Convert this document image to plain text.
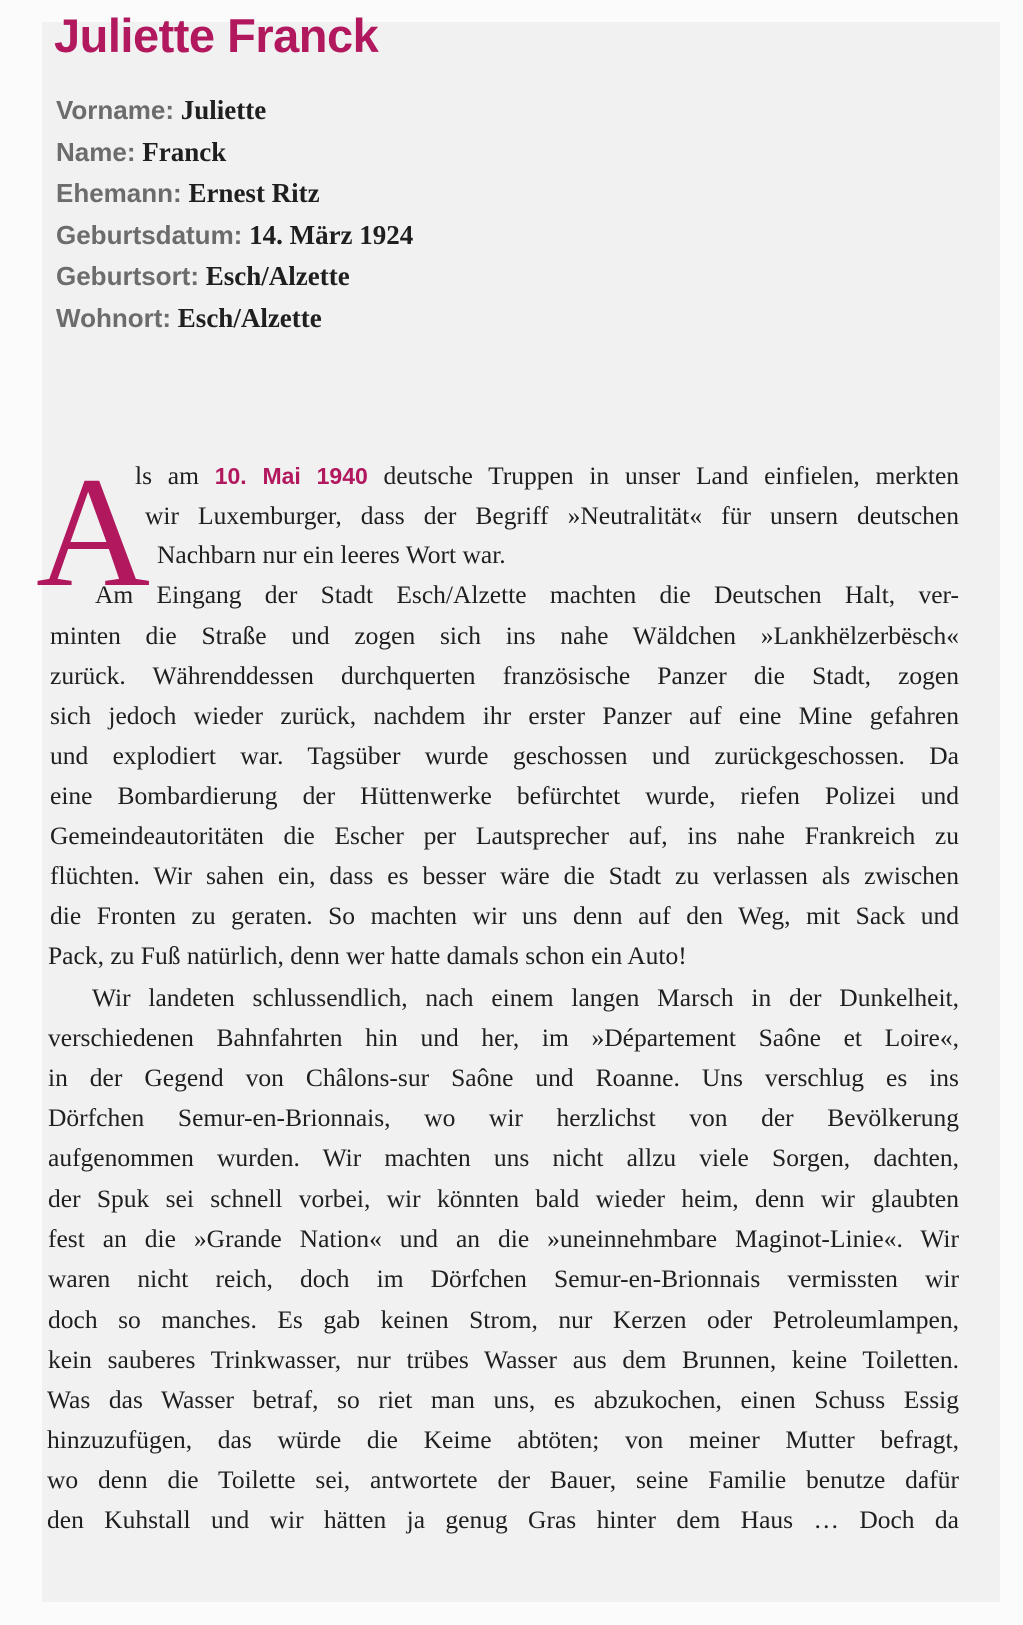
Juliette Franck
Vorname: Juliette
Name: Franck
Ehemann: Ernest Ritz
Geburtsdatum: 14. März 1924
Geburtsort: Esch/Alzette
Wohnort: Esch/Alzette
A
ls am 10. Mai 1940 deutsche Truppen in unser Land einfielen, merkten
wir Luxemburger, dass der Begriff »Neutralität« für unsern deutschen
Nachbarn nur ein leeres Wort war.
Am Eingang der Stadt Esch/Alzette machten die Deutschen Halt, ver-
minten die Straße und zogen sich ins nahe Wäldchen »Lankhëlzerbësch«
zurück. Währenddessen durchquerten französische Panzer die Stadt, zogen
sich jedoch wieder zurück, nachdem ihr erster Panzer auf eine Mine gefahren
und explodiert war. Tagsüber wurde geschossen und zurückgeschossen. Da
eine Bombardierung der Hüttenwerke befürchtet wurde, riefen Polizei und
Gemeindeautoritäten die Escher per Lautsprecher auf, ins nahe Frankreich zu
flüchten. Wir sahen ein, dass es besser wäre die Stadt zu verlassen als zwischen
die Fronten zu geraten. So machten wir uns denn auf den Weg, mit Sack und
Pack, zu Fuß natürlich, denn wer hatte damals schon ein Auto!
Wir landeten schlussendlich, nach einem langen Marsch in der Dunkelheit,
verschiedenen Bahnfahrten hin und her, im »Département Saône et Loire«,
in der Gegend von Châlons-sur Saône und Roanne. Uns verschlug es ins
Dörfchen Semur-en-Brionnais, wo wir herzlichst von der Bevölkerung
aufgenommen wurden. Wir machten uns nicht allzu viele Sorgen, dachten,
der Spuk sei schnell vorbei, wir könnten bald wieder heim, denn wir glaubten
fest an die »Grande Nation« und an die »uneinnehmbare Maginot-Linie«. Wir
waren nicht reich, doch im Dörfchen Semur-en-Brionnais vermissten wir
doch so manches. Es gab keinen Strom, nur Kerzen oder Petroleumlampen,
kein sauberes Trinkwasser, nur trübes Wasser aus dem Brunnen, keine Toiletten.
Was das Wasser betraf, so riet man uns, es abzukochen, einen Schuss Essig
hinzuzufügen, das würde die Keime abtöten; von meiner Mutter befragt,
wo denn die Toilette sei, antwortete der Bauer, seine Familie benutze dafür
den Kuhstall und wir hätten ja genug Gras hinter dem Haus … Doch da
